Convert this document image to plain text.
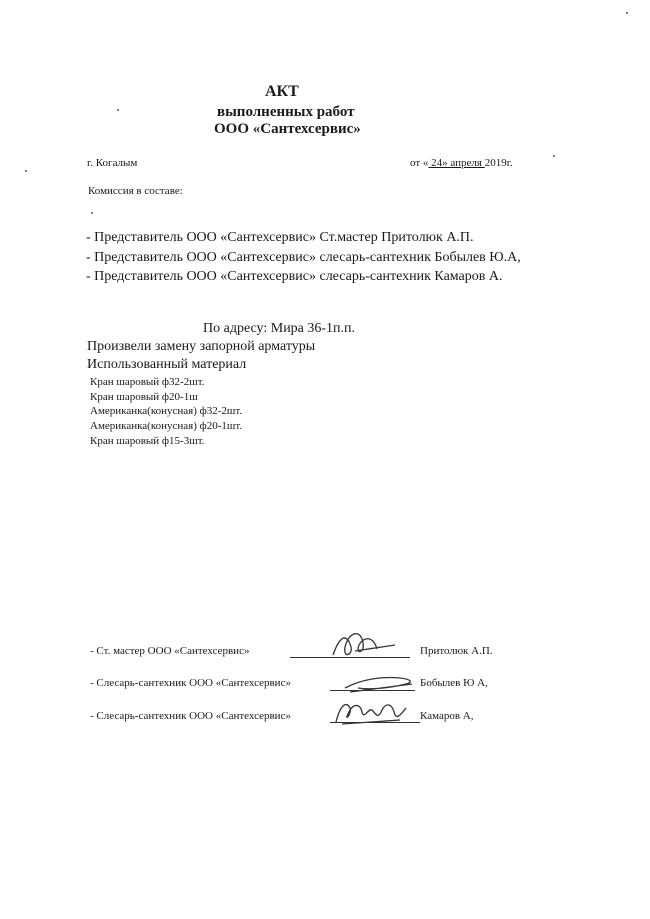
АКТ
выполненных работ
ООО «Сантехсервис»
г. Когалым	от « 24» апреля 2019г.
Комиссия в составе:
- Представитель ООО «Сантехсервис» Ст.мастер Притолюк А.П.
- Представитель ООО «Сантехсервис» слесарь-сантехник Бобылев Ю.А,
- Представитель ООО «Сантехсервис» слесарь-сантехник Камаров А.
По адресу: Мира 36-1п.п.
Произвели замену запорной арматуры
Использованный материал
Кран шаровый ф32-2шт.
Кран шаровый ф20-1ш
Американка(конусная) ф32-2шт.
Американка(конусная) ф20-1шт.
Кран шаровый ф15-3шт.
- Ст. мастер ООО «Сантехсервис»	Притолюк А.П.
- Слесарь-сантехник ООО «Сантехсервис»	Бобылев Ю А,
- Слесарь-сантехник ООО «Сантехсервис»	Камаров А,
